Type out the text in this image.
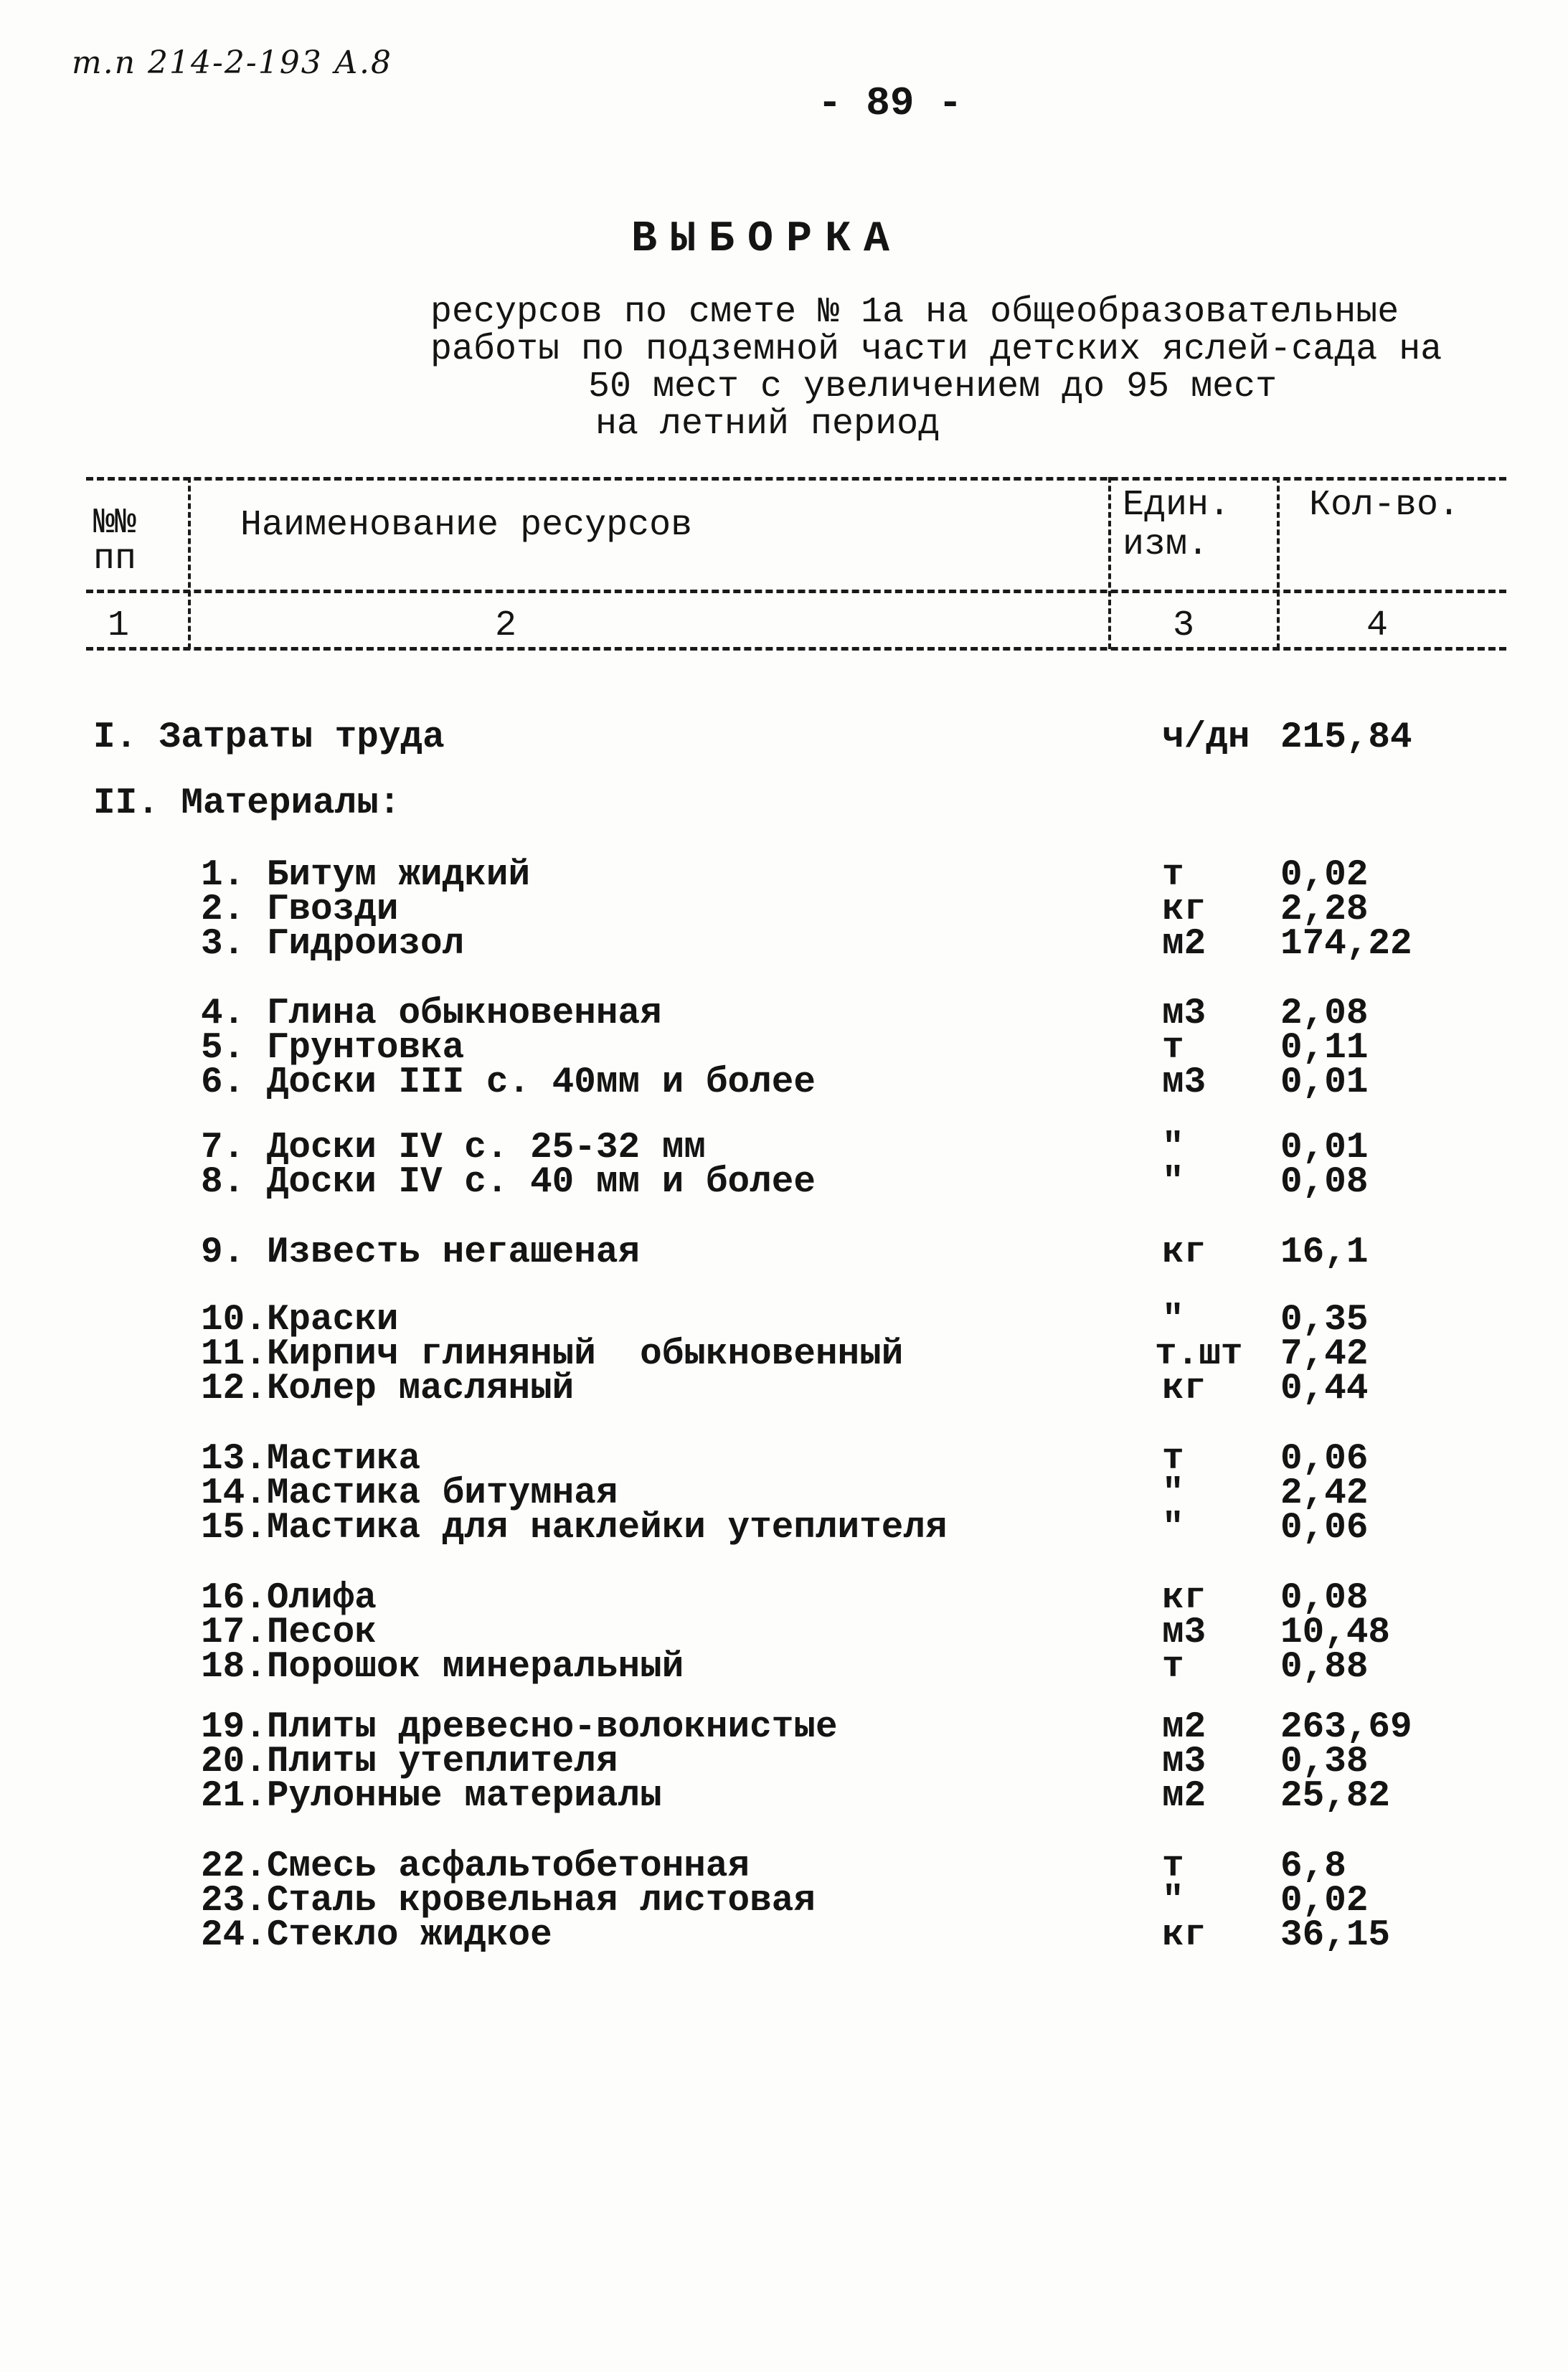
т.п 214-2-193 А.8
- 89 -
ВЫБОРКА
ресурсов по смете № 1а на общеобразовательные
работы по подземной части детских яслей-сада на
50 мест с увеличением до 95 мест
на летний период
№№
пп
Наименование ресурсов	Един.
изм.
Кол-во.
1	2	3	4
I. Затраты труда	ч/дн 215,84
II. Материалы:
1. Битум жидкий	т	0,02
2. Гвозди	кг 2,28
3. Гидроизол	м2 174,22
4. Глина обыкновенная	м3 2,08
5. Грунтовка	т	0,11
6. Доски III с. 40мм и более	м3 0,01
7. Доски IV с. 25-32 мм	"	0,01
8. Доски IV с. 40 мм и более	"	0,08
9. Известь негашеная	кг 16,1
10.Краски	"	0,35
11.Кирпич глиняный  обыкновенный	т.шт 7,42
12.Колер масляный	кг 0,44
13.Мастика	т	0,06
14.Мастика битумная	"	2,42
15.Мастика для наклейки утеплителя	"	0,06
16.Олифа	кг 0,08
17.Песок	м3 10,48
18.Порошок минеральный	т	0,88
19.Плиты древесно-волокнистые	м2 263,69
20.Плиты утеплителя	м3 0,38
21.Рулонные материалы	м2 25,82
22.Смесь асфальтобетонная	т	6,8
23.Сталь кровельная листовая	"	0,02
24.Стекло жидкое	кг 36,15
